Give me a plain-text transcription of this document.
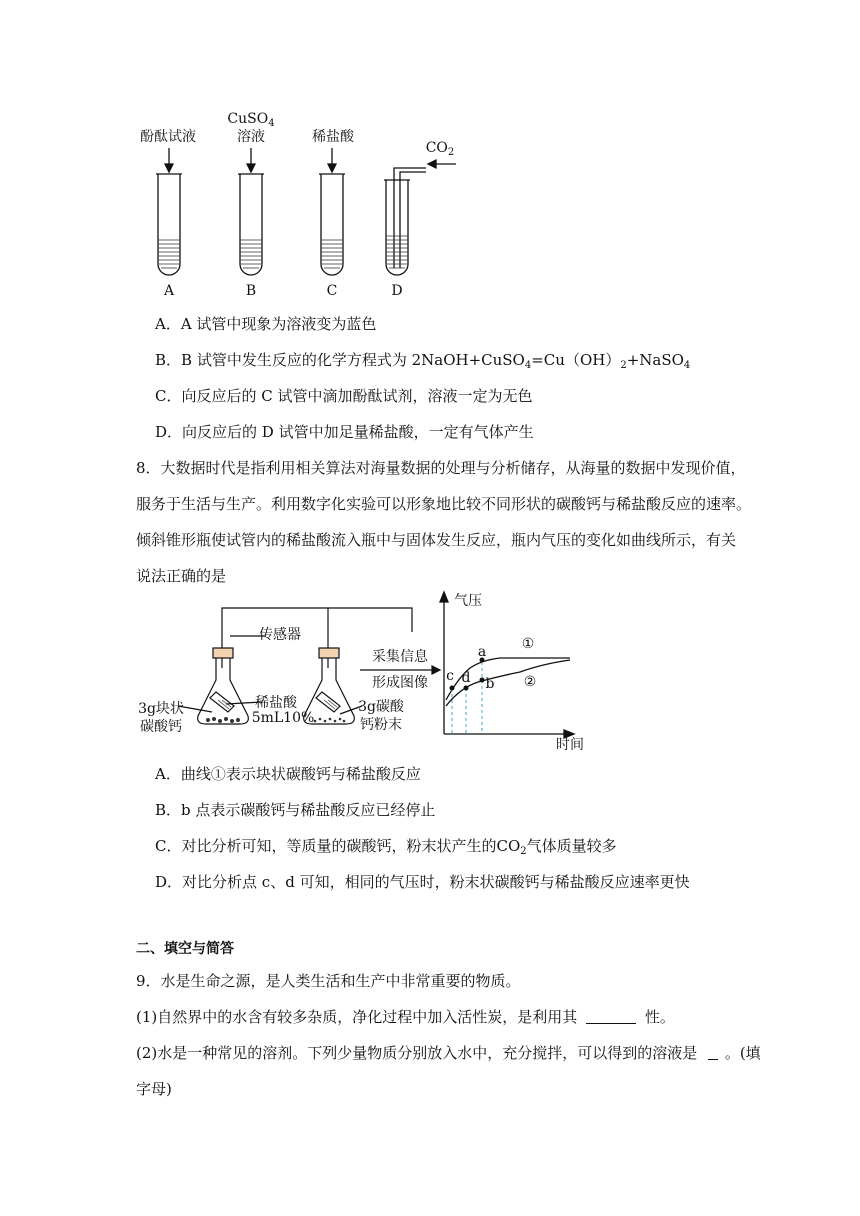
酚酞试液
CuSO$_4$
溶液	稀盐酸
$CO_2$
A	B	C	D
A．A 试管中现象为溶液变为蓝色
B．B 试管中发生反应的化学方程式为 $2NaOH+CuSO_4=Cu(OH)_2+NaSO_4$
C．向反应后的 C 试管中滴加酚酞试剂，溶液一定为无色
D．向反应后的 D 试管中加足量稀盐酸，一定有气体产生
8．大数据时代是指利用相关算法对海量数据的处理与分析储存，从海量的数据中发现价值，
服务于生活与生产。利用数字化实验可以形象地比较不同形状的碳酸钙与稀盐酸反应的速率。
倾斜锥形瓶使试管内的稀盐酸流入瓶中与固体发生反应，瓶内气压的变化如曲线所示，有关
说法正确的是
传感器
稀盐酸
5mL10%
3g块状
碳酸钙
3g碳酸
钙粉末
采集信息
形成图像
气压
时间
a
b
c d
①
②
A．曲线①表示块状碳酸钙与稀盐酸反应
B．b 点表示碳酸钙与稀盐酸反应已经停止
C．对比分析可知，等质量的碳酸钙，粉末状产生的$CO_2$气体质量较多
D．对比分析点 c、d 可知，相同的气压时，粉末状碳酸钙与稀盐酸反应速率更快
二、填空与简答
9．水是生命之源，是人类生活和生产中非常重要的物质。
(1)自然界中的水含有较多杂质，净化过程中加入活性炭，是利用其	性。
(2)水是一种常见的溶剂。下列少量物质分别放入水中，充分搅拌，可以得到的溶液是 。(填
字母)
